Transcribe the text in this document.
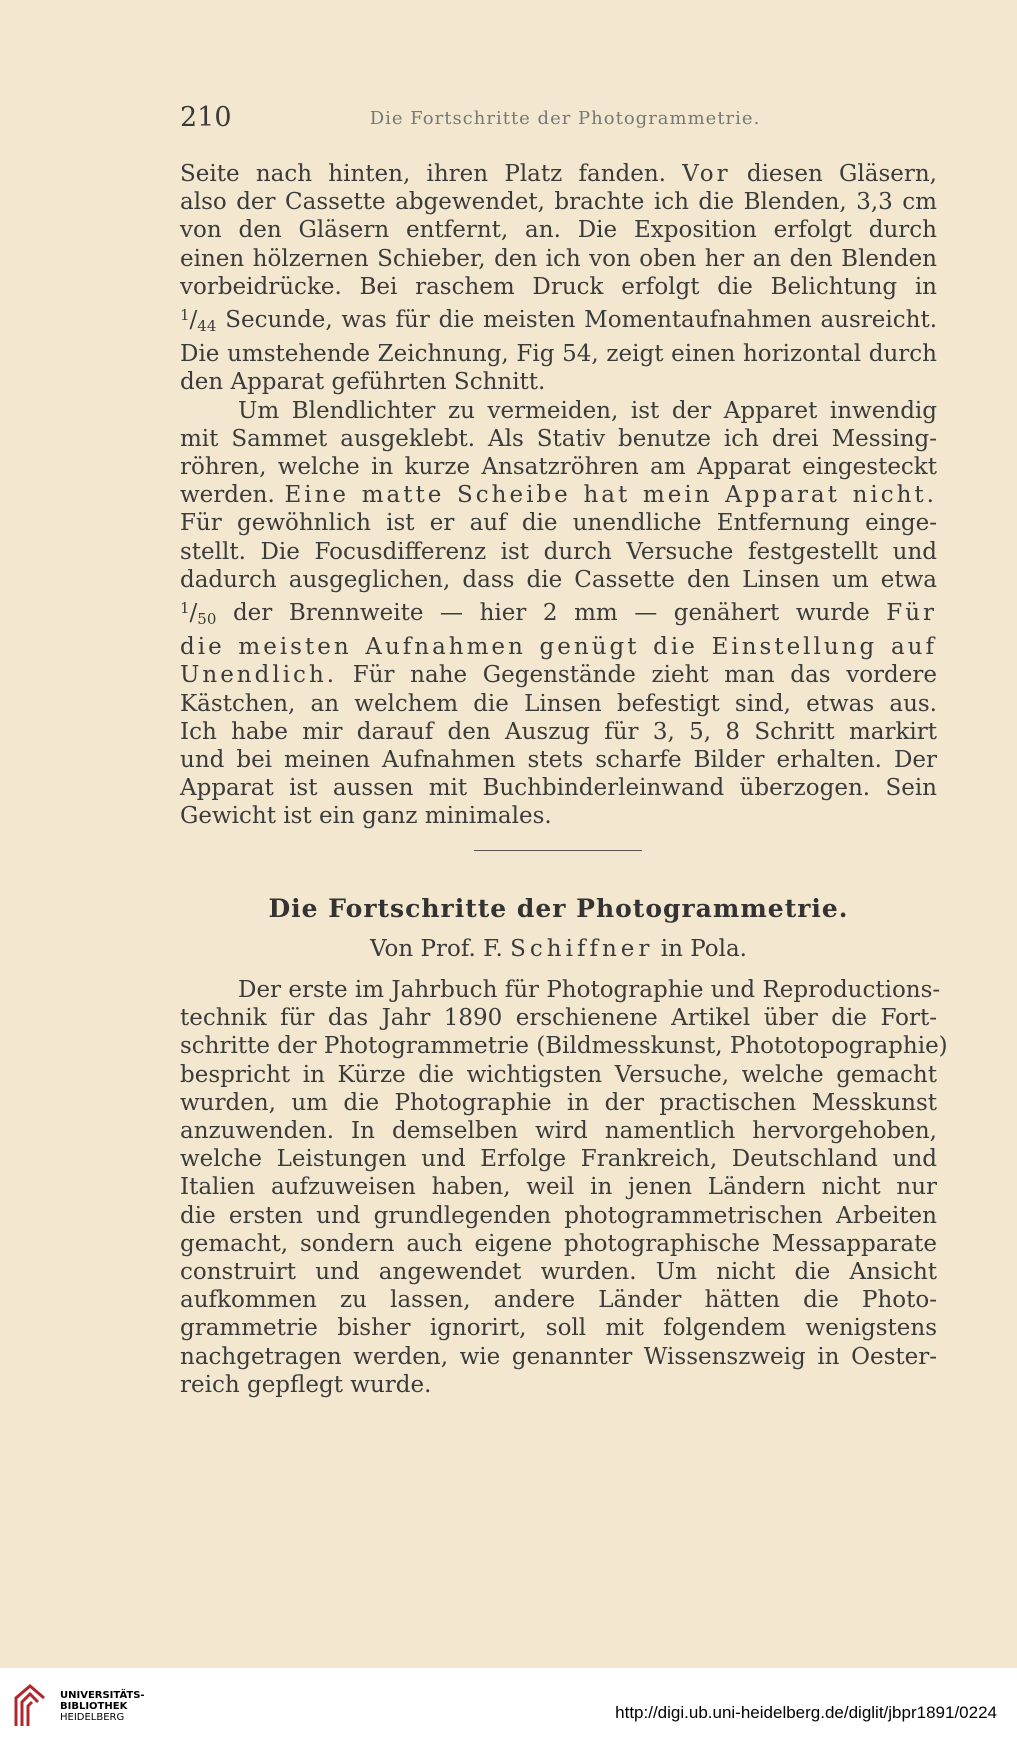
210	Die Fortschritte der Photogrammetrie.
Seite nach hinten, ihren Platz fanden. Vor diesen Gläsern,
also der Cassette abgewendet, brachte ich die Blenden, 3,3 cm
von den Gläsern entfernt, an. Die Exposition erfolgt durch
einen hölzernen Schieber, den ich von oben her an den Blenden
vorbeidrücke. Bei raschem Druck erfolgt die Belichtung in
$^1/_{44}$ Secunde, was für die meisten Momentaufnahmen ausreicht.
Die umstehende Zeichnung, Fig 54, zeigt einen horizontal durch
den Apparat geführten Schnitt.
Um Blendlichter zu vermeiden, ist der Apparet inwendig
mit Sammet ausgeklebt. Als Stativ benutze ich drei Messing-
röhren, welche in kurze Ansatzröhren am Apparat eingesteckt
werden. Eine matte Scheibe hat mein Apparat nicht.
Für gewöhnlich ist er auf die unendliche Entfernung einge-
stellt. Die Focusdifferenz ist durch Versuche festgestellt und
dadurch ausgeglichen, dass die Cassette den Linsen um etwa
$^1/_{50}$ der Brennweite — hier 2 mm — genähert wurde Für
die meisten Aufnahmen genügt die Einstellung auf
Unendlich. Für nahe Gegenstände zieht man das vordere
Kästchen, an welchem die Linsen befestigt sind, etwas aus.
Ich habe mir darauf den Auszug für 3, 5, 8 Schritt markirt
und bei meinen Aufnahmen stets scharfe Bilder erhalten. Der
Apparat ist aussen mit Buchbinderleinwand überzogen. Sein
Gewicht ist ein ganz minimales.
Die Fortschritte der Photogrammetrie.
Von Prof. F. Schiffner in Pola.
Der erste im Jahrbuch für Photographie und Reproductions-
technik für das Jahr 1890 erschienene Artikel über die Fort-
schritte der Photogrammetrie (Bildmesskunst, Phototopographie)
bespricht in Kürze die wichtigsten Versuche, welche gemacht
wurden, um die Photographie in der practischen Messkunst
anzuwenden. In demselben wird namentlich hervorgehoben,
welche Leistungen und Erfolge Frankreich, Deutschland und
Italien aufzuweisen haben, weil in jenen Ländern nicht nur
die ersten und grundlegenden photogrammetrischen Arbeiten
gemacht, sondern auch eigene photographische Messapparate
construirt und angewendet wurden. Um nicht die Ansicht
aufkommen zu lassen, andere Länder hätten die Photo-
grammetrie bisher ignorirt, soll mit folgendem wenigstens
nachgetragen werden, wie genannter Wissenszweig in Oester-
reich gepflegt wurde.
UNIVERSITÄTS-
BIBLIOTHEK
HEIDELBERG	http://digi.ub.uni-heidelberg.de/diglit/jbpr1891/0224
